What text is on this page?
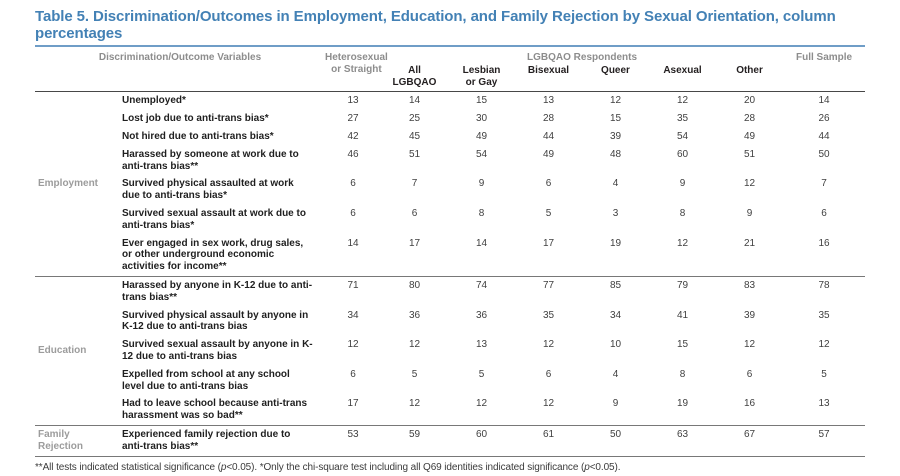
Table 5. Discrimination/Outcomes in Employment, Education, and Family Rejection by Sexual Orientation, column percentages
Discrimination/Outcome Variables		Heterosexual or Straight	LGBQAO Respondents						Full Sample
			All LGBQAO	Lesbian or Gay	Bisexual	Queer	Asexual	Other	
Employment	Unemployed*	13	14	15	13	12	12	20	14
	Lost job due to anti-trans bias*	27	25	30	28	15	35	28	26
	Not hired due to anti-trans bias*	42	45	49	44	39	54	49	44
	Harassed by someone at work due to anti-trans bias**	46	51	54	49	48	60	51	50
	Survived physical assaulted at work due to anti-trans bias*	6	7	9	6	4	9	12	7
	Survived sexual assault at work due to anti-trans bias*	6	6	8	5	3	8	9	6
	Ever engaged in sex work, drug sales, or other underground economic activities for income**	14	17	14	17	19	12	21	16
Education	Harassed by anyone in K-12 due to anti-trans bias**	71	80	74	77	85	79	83	78
	Survived physical assault by anyone in K-12 due to anti-trans bias	34	36	36	35	34	41	39	35
	Survived sexual assault by anyone in K-12 due to anti-trans bias	12	12	13	12	10	15	12	12
	Expelled from school at any school level due to anti-trans bias	6	5	5	6	4	8	6	5
	Had to leave school because anti-trans harassment was so bad**	17	12	12	12	9	19	16	13
Family Rejection	Experienced family rejection due to anti-trans bias**	53	59	60	61	50	63	67	57
**All tests indicated statistical significance (p<0.05). *Only the chi-square test including all Q69 identities indicated significance (p<0.05).
